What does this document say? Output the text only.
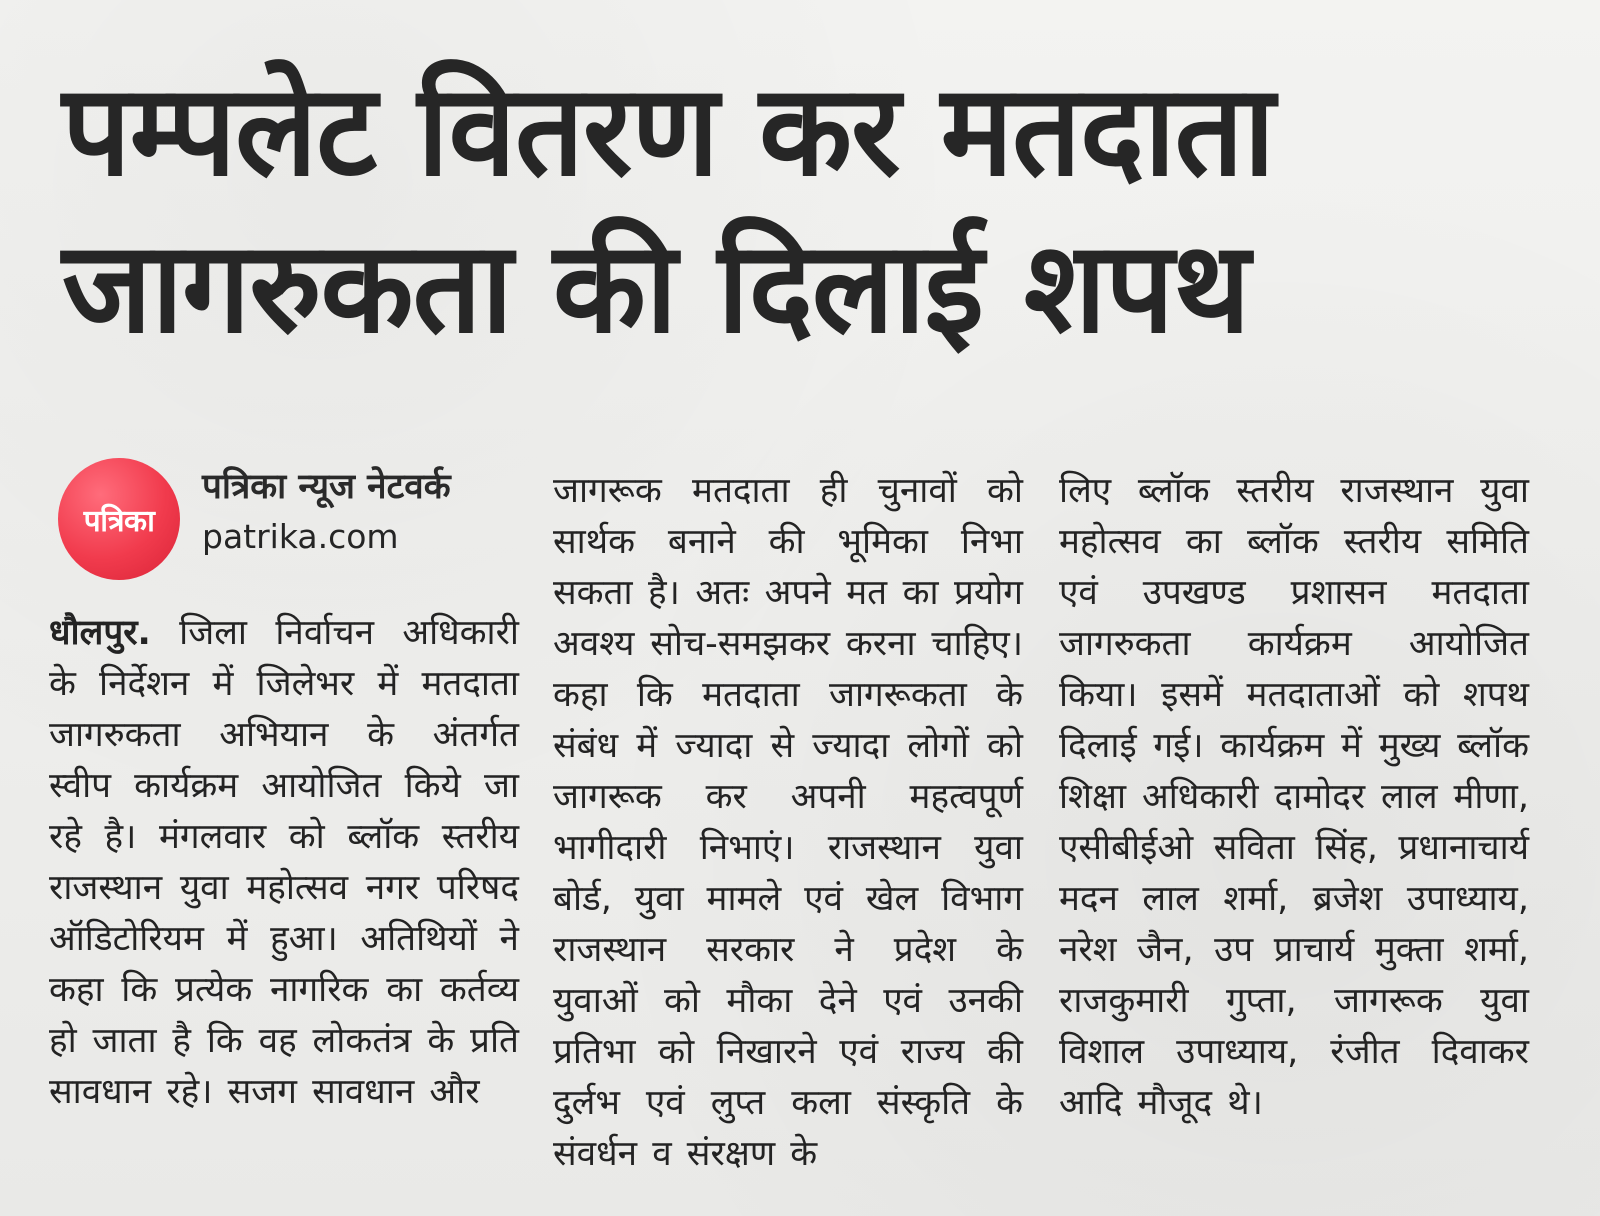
पम्पलेट वितरण कर मतदाता
जागरुकता की दिलाई शपथ
पत्रिका
पत्रिका न्यूज नेटवर्क
patrika.com
धौलपुर. जिला निर्वाचन अधिकारी के निर्देशन में जिलेभर में मतदाता जागरुकता अभियान के अंतर्गत स्वीप कार्यक्रम आयोजित किये जा रहे है। मंगलवार को ब्लॉक स्तरीय राजस्थान युवा महोत्सव नगर परिषद ऑडिटोरियम में हुआ। अतिथियों ने कहा कि प्रत्येक नागरिक का कर्तव्य हो जाता है कि वह लोकतंत्र के प्रति सावधान रहे। सजग सावधान और
जागरूक मतदाता ही चुनावों को सार्थक बनाने की भूमिका निभा सकता है। अतः अपने मत का प्रयोग अवश्य सोच-समझकर करना चाहिए। कहा कि मतदाता जागरूकता के संबंध में ज्यादा से ज्यादा लोगों को जागरूक कर अपनी महत्वपूर्ण भागीदारी निभाएं। राजस्थान युवा बोर्ड, युवा मामले एवं खेल विभाग राजस्थान सरकार ने प्रदेश के युवाओं को मौका देने एवं उनकी प्रतिभा को निखारने एवं राज्य की दुर्लभ एवं लुप्त कला संस्कृति के संवर्धन व संरक्षण के
लिए ब्लॉक स्तरीय राजस्थान युवा महोत्सव का ब्लॉक स्तरीय समिति एवं उपखण्ड प्रशासन मतदाता जागरुकता कार्यक्रम आयोजित किया। इसमें मतदाताओं को शपथ दिलाई गई। कार्यक्रम में मुख्य ब्लॉक शिक्षा अधिकारी दामोदर लाल मीणा, एसीबीईओ सविता सिंह, प्रधानाचार्य मदन लाल शर्मा, ब्रजेश उपाध्याय, नरेश जैन, उप प्राचार्य मुक्ता शर्मा, राजकुमारी गुप्ता, जागरूक युवा विशाल उपाध्याय, रंजीत दिवाकर आदि मौजूद थे।
